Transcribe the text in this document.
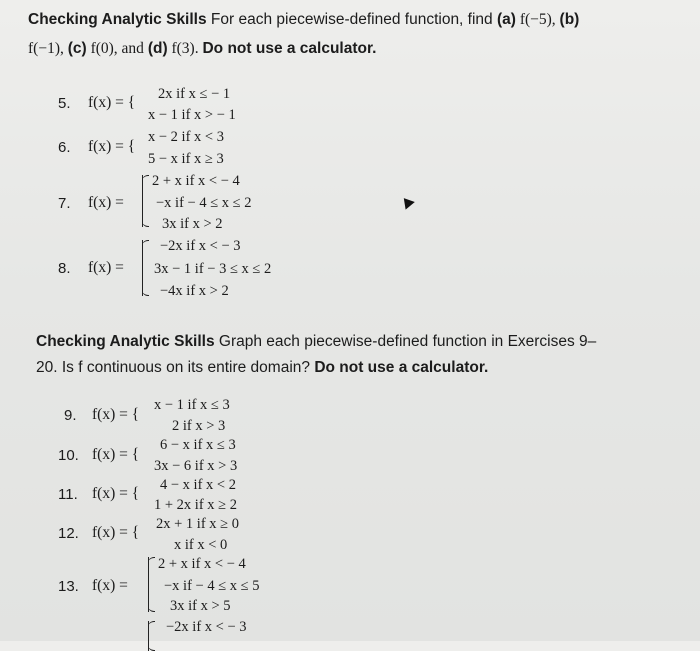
Checking Analytic Skills For each piecewise-defined function, find (a) f(−5), (b)
f(−1), (c) f(0), and (d) f(3). Do not use a calculator.
5. f(x) = { 2x if x ≤ − 1
x − 1 if x > − 1
6. f(x) = {
x − 2 if x < 3
5 − x if x ≥ 3
7. f(x) =
2 + x if x < − 4
−x if − 4 ≤ x ≤ 2
3x if x > 2
8. f(x) =
−2x if x < − 3
3x − 1 if − 3 ≤ x ≤ 2
−4x if x > 2
Checking Analytic Skills Graph each piecewise-defined function in Exercises 9–
20. Is f continuous on its entire domain? Do not use a calculator.
9. f(x) = {
x − 1 if x ≤ 3
2 if x > 3
10. f(x) = {
6 − x if x ≤ 3
3x − 6 if x > 3
11. f(x) = { 4 − x if x < 2
1 + 2x if x ≥ 2
12. f(x) = { 2x + 1 if x ≥ 0
x if x < 0
13. f(x) =
2 + x if x < − 4
−x if − 4 ≤ x ≤ 5
3x if x > 5
−2x if x < − 3
